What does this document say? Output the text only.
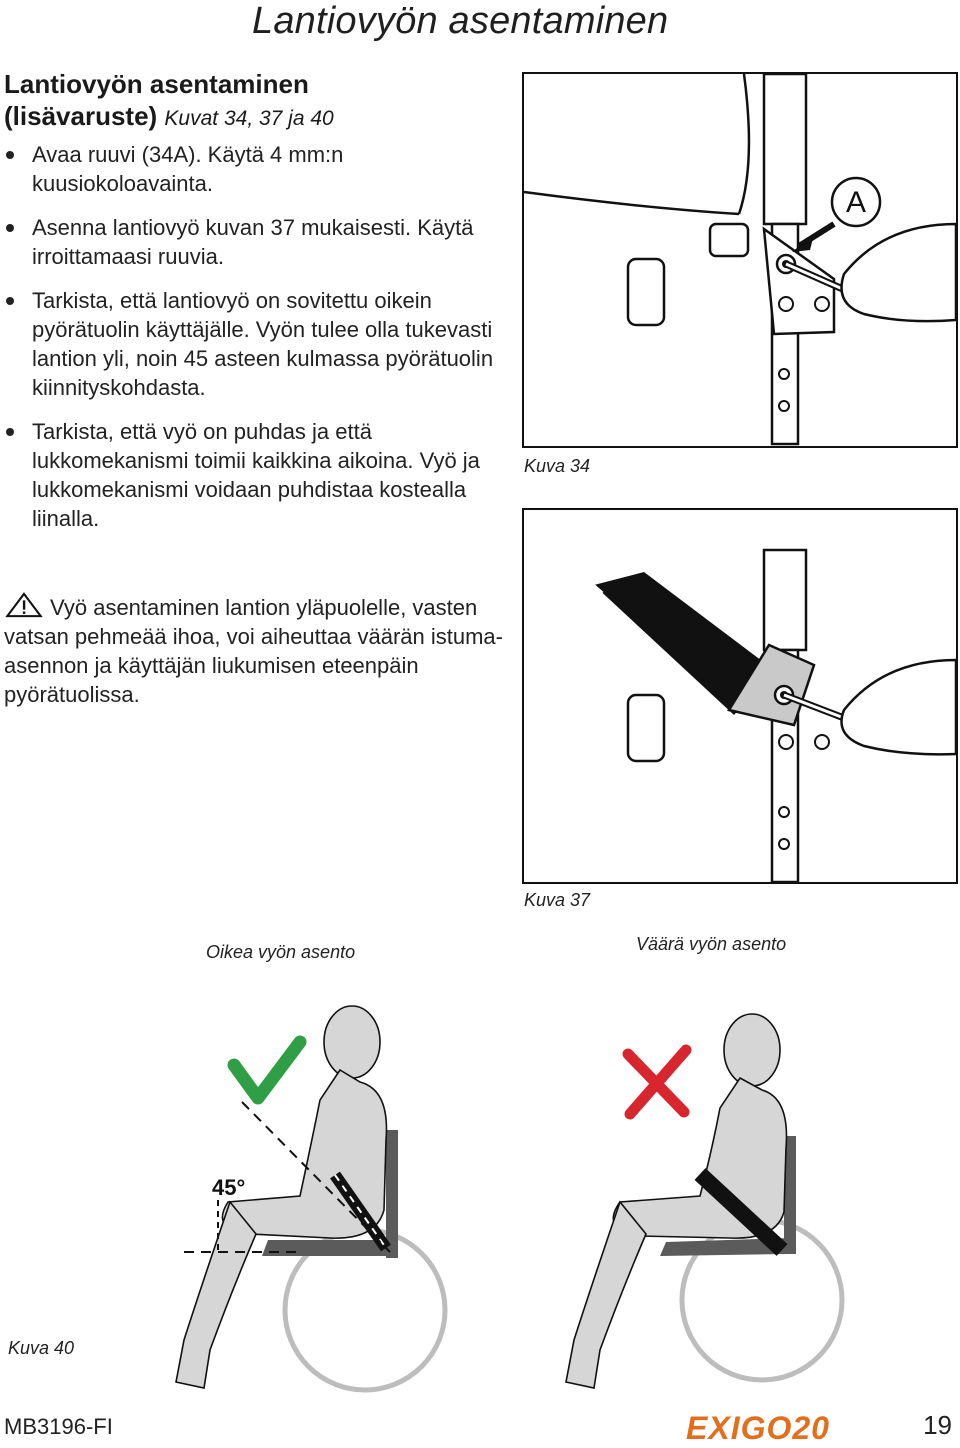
Lantiovyön asentaminen
Lantiovyön asentaminen
(lisävaruste) Kuvat 34, 37 ja 40
Avaa ruuvi (34A). Käytä 4 mm:n kuusiokoloavainta.
Asenna lantiovyö kuvan 37 mukaisesti. Käytä irroittamaasi ruuvia.
Tarkista, että lantiovyö on sovitettu oikein pyörätuolin käyttäjälle. Vyön tulee olla tukevasti lantion yli, noin 45 asteen kulmassa pyörätuolin kiinnityskohdasta.
Tarkista, että vyö on puhdas ja että lukkomekanismi toimii kaikkina aikoina. Vyö ja lukkomekanismi voidaan puhdistaa kostealla liinalla.
Vyö asentaminen lantion yläpuolelle, vasten vatsan pehmeää ihoa, voi aiheuttaa väärän istuma-asennon ja käyttäjän liukumisen eteenpäin pyörätuolissa.
A
Kuva 34
Kuva 37
Oikea vyön asento	Väärä vyön asento
45°
Kuva 40
MB3196-FI	EXIGO20	19
